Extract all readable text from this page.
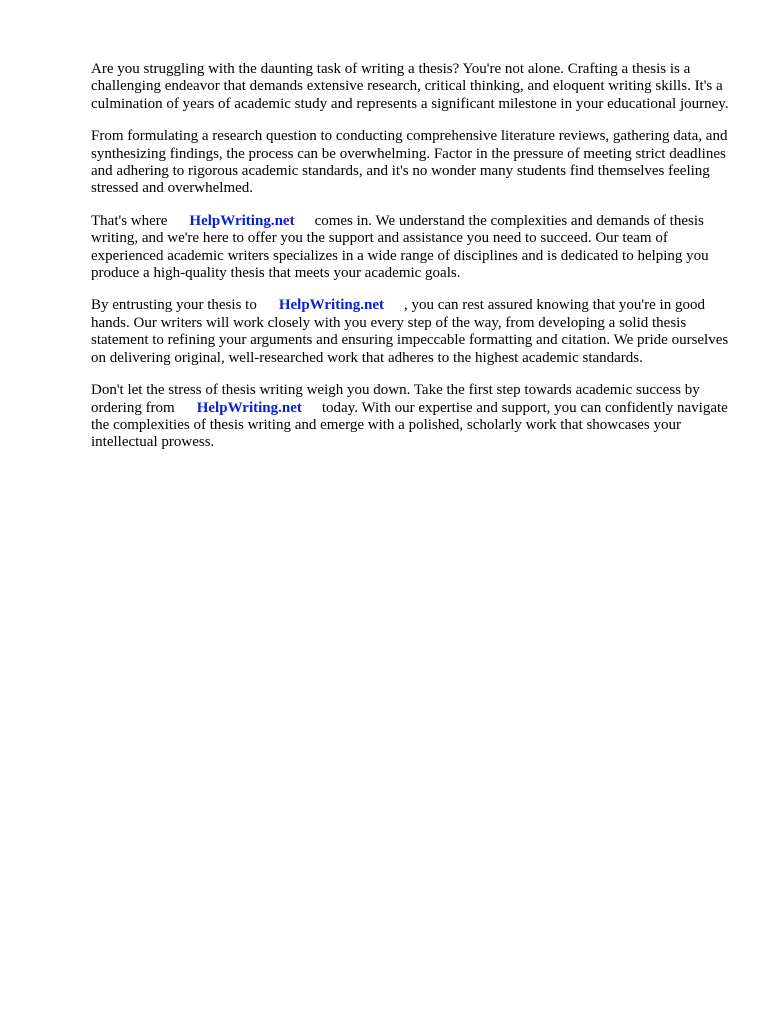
Are you struggling with the daunting task of writing a thesis? You're not alone. Crafting a thesis is a challenging endeavor that demands extensive research, critical thinking, and eloquent writing skills. It's a culmination of years of academic study and represents a significant milestone in your educational journey.

From formulating a research question to conducting comprehensive literature reviews, gathering data, and synthesizing findings, the process can be overwhelming. Factor in the pressure of meeting strict deadlines and adhering to rigorous academic standards, and it's no wonder many students find themselves feeling stressed and overwhelmed.

That's where HelpWriting.net comes in. We understand the complexities and demands of thesis writing, and we're here to offer you the support and assistance you need to succeed. Our team of experienced academic writers specializes in a wide range of disciplines and is dedicated to helping you produce a high-quality thesis that meets your academic goals.

By entrusting your thesis to HelpWriting.net , you can rest assured knowing that you're in good hands. Our writers will work closely with you every step of the way, from developing a solid thesis statement to refining your arguments and ensuring impeccable formatting and citation. We pride ourselves on delivering original, well-researched work that adheres to the highest academic standards.

Don't let the stress of thesis writing weigh you down. Take the first step towards academic success by ordering from HelpWriting.net today. With our expertise and support, you can confidently navigate the complexities of thesis writing and emerge with a polished, scholarly work that showcases your intellectual prowess.
